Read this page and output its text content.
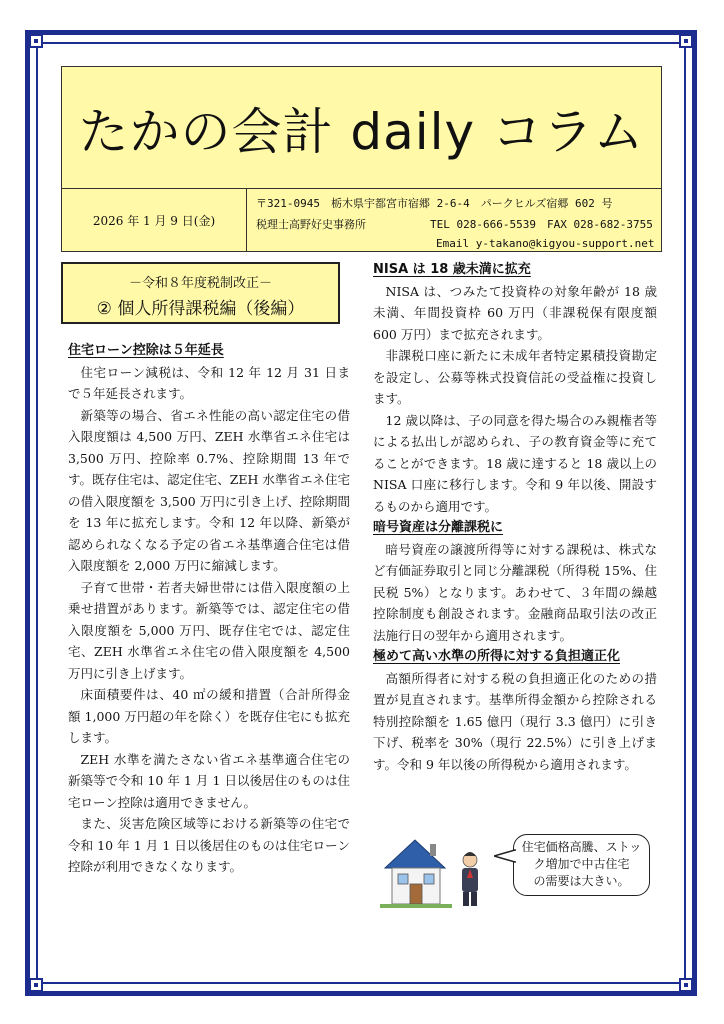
たかの会計 daily コラム
2026 年 1 月 9 日(金)
〒321-0945　栃木県宇都宮市宿郷 2-6-4　パークヒルズ宿郷 602 号
税理士高野好史事務所	TEL 028-666-5539　FAX 028-682-3755
Email y-takano@kigyou-support.net
－令和８年度税制改正－
② 個人所得課税編（後編）
住宅ローン控除は５年延長

住宅ローン減税は、令和 12 年 12 月 31 日まで５年延長されます。

新築等の場合、省エネ性能の高い認定住宅の借入限度額は 4,500 万円、ZEH 水準省エネ住宅は 3,500 万円、控除率 0.7%、控除期間 13 年です。既存住宅は、認定住宅、ZEH 水準省エネ住宅の借入限度額を 3,500 万円に引き上げ、控除期間を 13 年に拡充します。令和 12 年以降、新築が認められなくなる予定の省エネ基準適合住宅は借入限度額を 2,000 万円に縮減します。

子育て世帯・若者夫婦世帯には借入限度額の上乗せ措置があります。新築等では、認定住宅の借入限度額を 5,000 万円、既存住宅では、認定住宅、ZEH 水準省エネ住宅の借入限度額を 4,500 万円に引き上げます。

床面積要件は、40 ㎡の緩和措置（合計所得金額 1,000 万円超の年を除く）を既存住宅にも拡充します。

ZEH 水準を満たさない省エネ基準適合住宅の新築等で令和 10 年 1 月 1 日以後居住のものは住宅ローン控除は適用できません。

また、災害危険区域等における新築等の住宅で令和 10 年 1 月 1 日以後居住のものは住宅ローン控除が利用できなくなります。

NISA は 18 歳未満に拡充

NISA は、つみたて投資枠の対象年齢が 18 歳未満、年間投資枠 60 万円（非課税保有限度額 600 万円）まで拡充されます。

非課税口座に新たに未成年者特定累積投資勘定を設定し、公募等株式投資信託の受益権に投資します。

12 歳以降は、子の同意を得た場合のみ親権者等による払出しが認められ、子の教育資金等に充てることができます。18 歳に達すると 18 歳以上の NISA 口座に移行します。令和 9 年以後、開設するものから適用です。

暗号資産は分離課税に

暗号資産の譲渡所得等に対する課税は、株式など有価証券取引と同じ分離課税（所得税 15%、住民税 5%）となります。あわせて、３年間の繰越控除制度も創設されます。金融商品取引法の改正法施行日の翌年から適用されます。

極めて高い水準の所得に対する負担適正化

高額所得者に対する税の負担適正化のための措置が見直されます。基準所得金額から控除される特別控除額を 1.65 億円（現行 3.3 億円）に引き下げ、税率を 30%（現行 22.5%）に引き上げます。令和 9 年以後の所得税から適用されます。

住宅価格高騰、ストッ
ク増加で中古住宅
の需要は大きい。
